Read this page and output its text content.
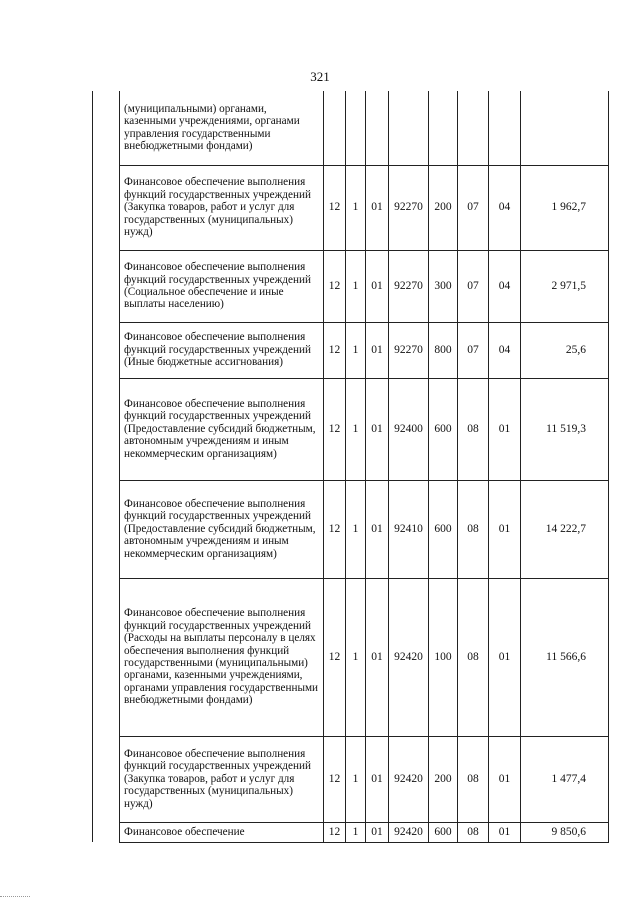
321
	(муниципальными) органами, казенными учреждениями, органами управления государственными внебюджетными фондами)								
	Финансовое обеспечение выполнения функций государственных учреждений (Закупка товаров, работ и услуг для государственных (муниципальных) нужд)	12	1	01	92270	200	07	04	1 962,7
	Финансовое обеспечение выполнения функций государственных учреждений (Социальное обеспечение и иные выплаты населению)	12	1	01	92270	300	07	04	2 971,5
	Финансовое обеспечение выполнения функций государственных учреждений (Иные бюджетные ассигнования)	12	1	01	92270	800	07	04	25,6
	Финансовое обеспечение выполнения функций государственных учреждений (Предоставление субсидий бюджетным, автономным учреждениям и иным некоммерческим организациям)	12	1	01	92400	600	08	01	11 519,3
	Финансовое обеспечение выполнения функций государственных учреждений (Предоставление субсидий бюджетным, автономным учреждениям и иным некоммерческим организациям)	12	1	01	92410	600	08	01	14 222,7
	Финансовое обеспечение выполнения функций государственных учреждений (Расходы на выплаты персоналу в целях обеспечения выполнения функций государственными (муниципальными) органами, казенными учреждениями, органами управления государственными внебюджетными фондами)	12	1	01	92420	100	08	01	11 566,6
	Финансовое обеспечение выполнения функций государственных учреждений (Закупка товаров, работ и услуг для государственных (муниципальных) нужд)	12	1	01	92420	200	08	01	1 477,4
	Финансовое обеспечение	12	1	01	92420	600	08	01	9 850,6
